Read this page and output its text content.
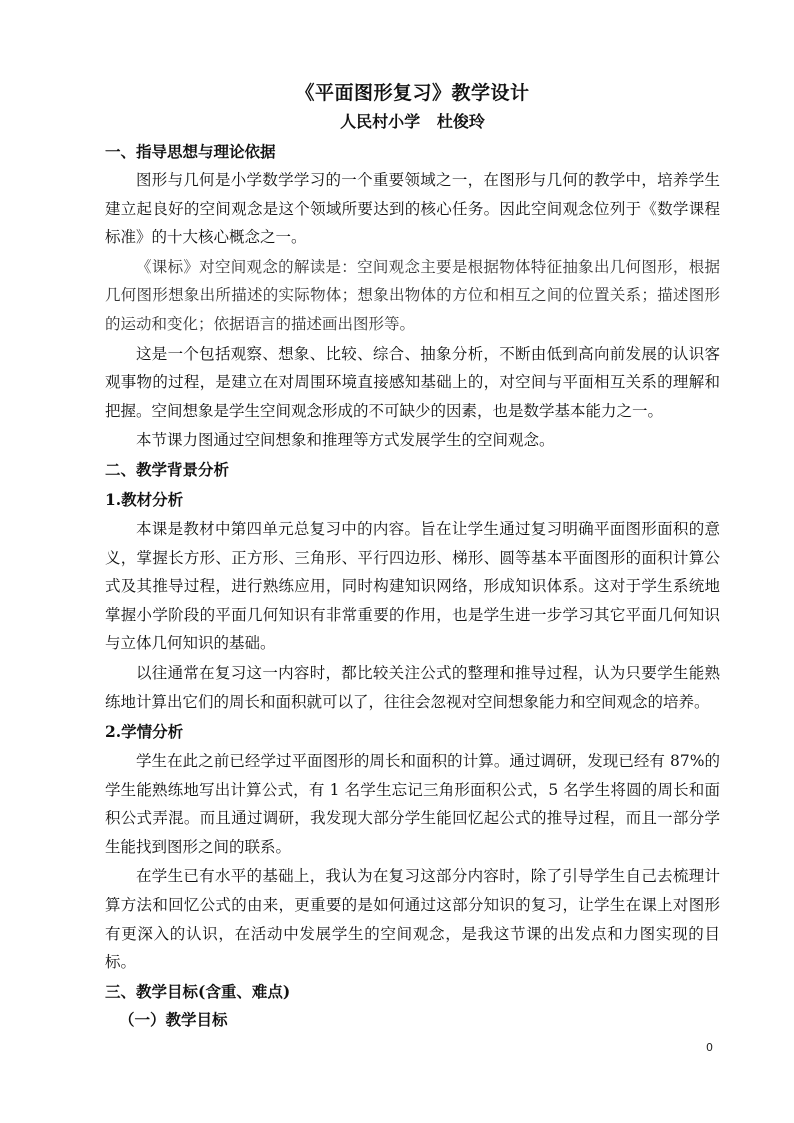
《平面图形复习》教学设计

人民村小学   杜俊玲

一、指导思想与理论依据

图形与几何是小学数学学习的一个重要领域之一，在图形与几何的教学中，培养学生建立起良好的空间观念是这个领域所要达到的核心任务。因此空间观念位列于《数学课程标准》的十大核心概念之一。

《课标》对空间观念的解读是：空间观念主要是根据物体特征抽象出几何图形，根据几何图形想象出所描述的实际物体；想象出物体的方位和相互之间的位置关系；描述图形的运动和变化；依据语言的描述画出图形等。

这是一个包括观察、想象、比较、综合、抽象分析，不断由低到高向前发展的认识客观事物的过程，是建立在对周围环境直接感知基础上的，对空间与平面相互关系的理解和把握。空间想象是学生空间观念形成的不可缺少的因素，也是数学基本能力之一。

本节课力图通过空间想象和推理等方式发展学生的空间观念。

二、教学背景分析

1.教材分析

本课是教材中第四单元总复习中的内容。旨在让学生通过复习明确平面图形面积的意义，掌握长方形、正方形、三角形、平行四边形、梯形、圆等基本平面图形的面积计算公式及其推导过程，进行熟练应用，同时构建知识网络，形成知识体系。这对于学生系统地掌握小学阶段的平面几何知识有非常重要的作用，也是学生进一步学习其它平面几何知识与立体几何知识的基础。

以往通常在复习这一内容时，都比较关注公式的整理和推导过程，认为只要学生能熟练地计算出它们的周长和面积就可以了，往往会忽视对空间想象能力和空间观念的培养。

2.学情分析

学生在此之前已经学过平面图形的周长和面积的计算。通过调研，发现已经有 87%的学生能熟练地写出计算公式，有 1 名学生忘记三角形面积公式，5 名学生将圆的周长和面积公式弄混。而且通过调研，我发现大部分学生能回忆起公式的推导过程，而且一部分学生能找到图形之间的联系。

在学生已有水平的基础上，我认为在复习这部分内容时，除了引导学生自己去梳理计算方法和回忆公式的由来，更重要的是如何通过这部分知识的复习，让学生在课上对图形有更深入的认识，在活动中发展学生的空间观念，是我这节课的出发点和力图实现的目标。

三、教学目标(含重、难点)

（一）教学目标

0
